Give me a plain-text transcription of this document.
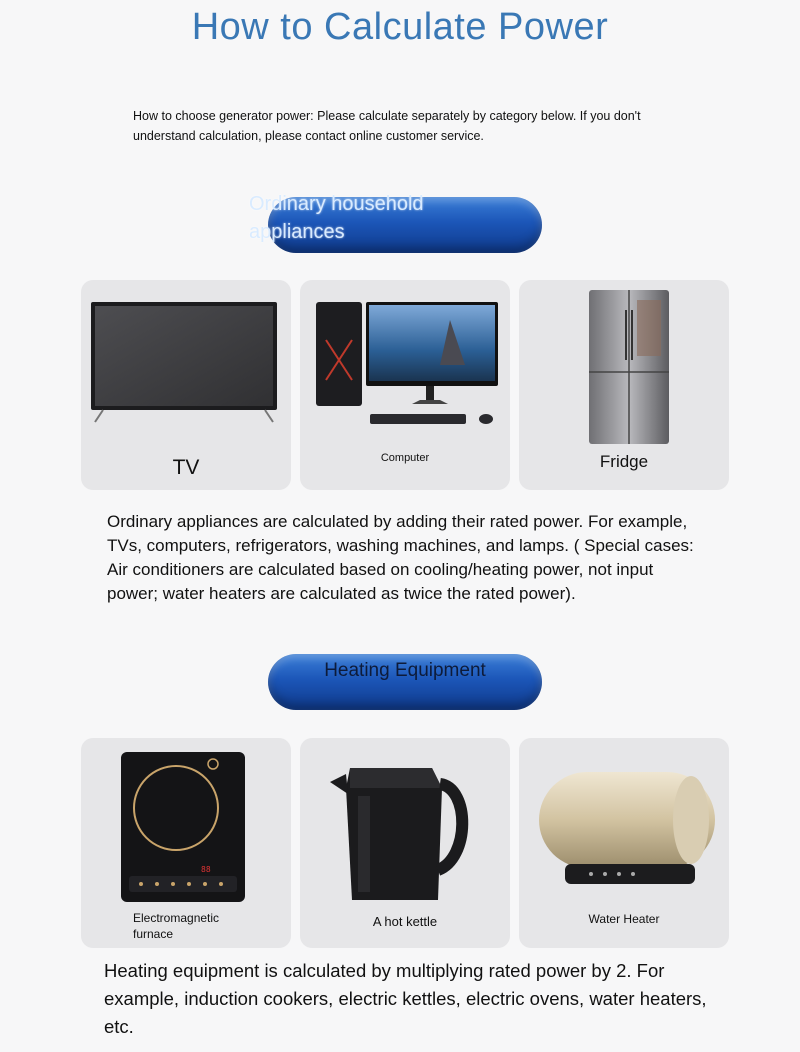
How to Calculate Power
How to choose generator power: Please calculate separately by category below. If you don't understand calculation, please contact online customer service.
Ordinary household appliances
TV	Computer	Fridge
Ordinary appliances are calculated by adding their rated power. For example, TVs, computers, refrigerators, washing machines, and lamps. ( Special cases: Air conditioners are calculated based on cooling/heating power, not input power; water heaters are calculated as twice the rated power).
Heating Equipment
88
Electromagnetic furnace
A hot kettle	Water Heater
Heating equipment is calculated by multiplying rated power by 2. For example, induction cookers, electric kettles, electric ovens, water heaters, etc.
